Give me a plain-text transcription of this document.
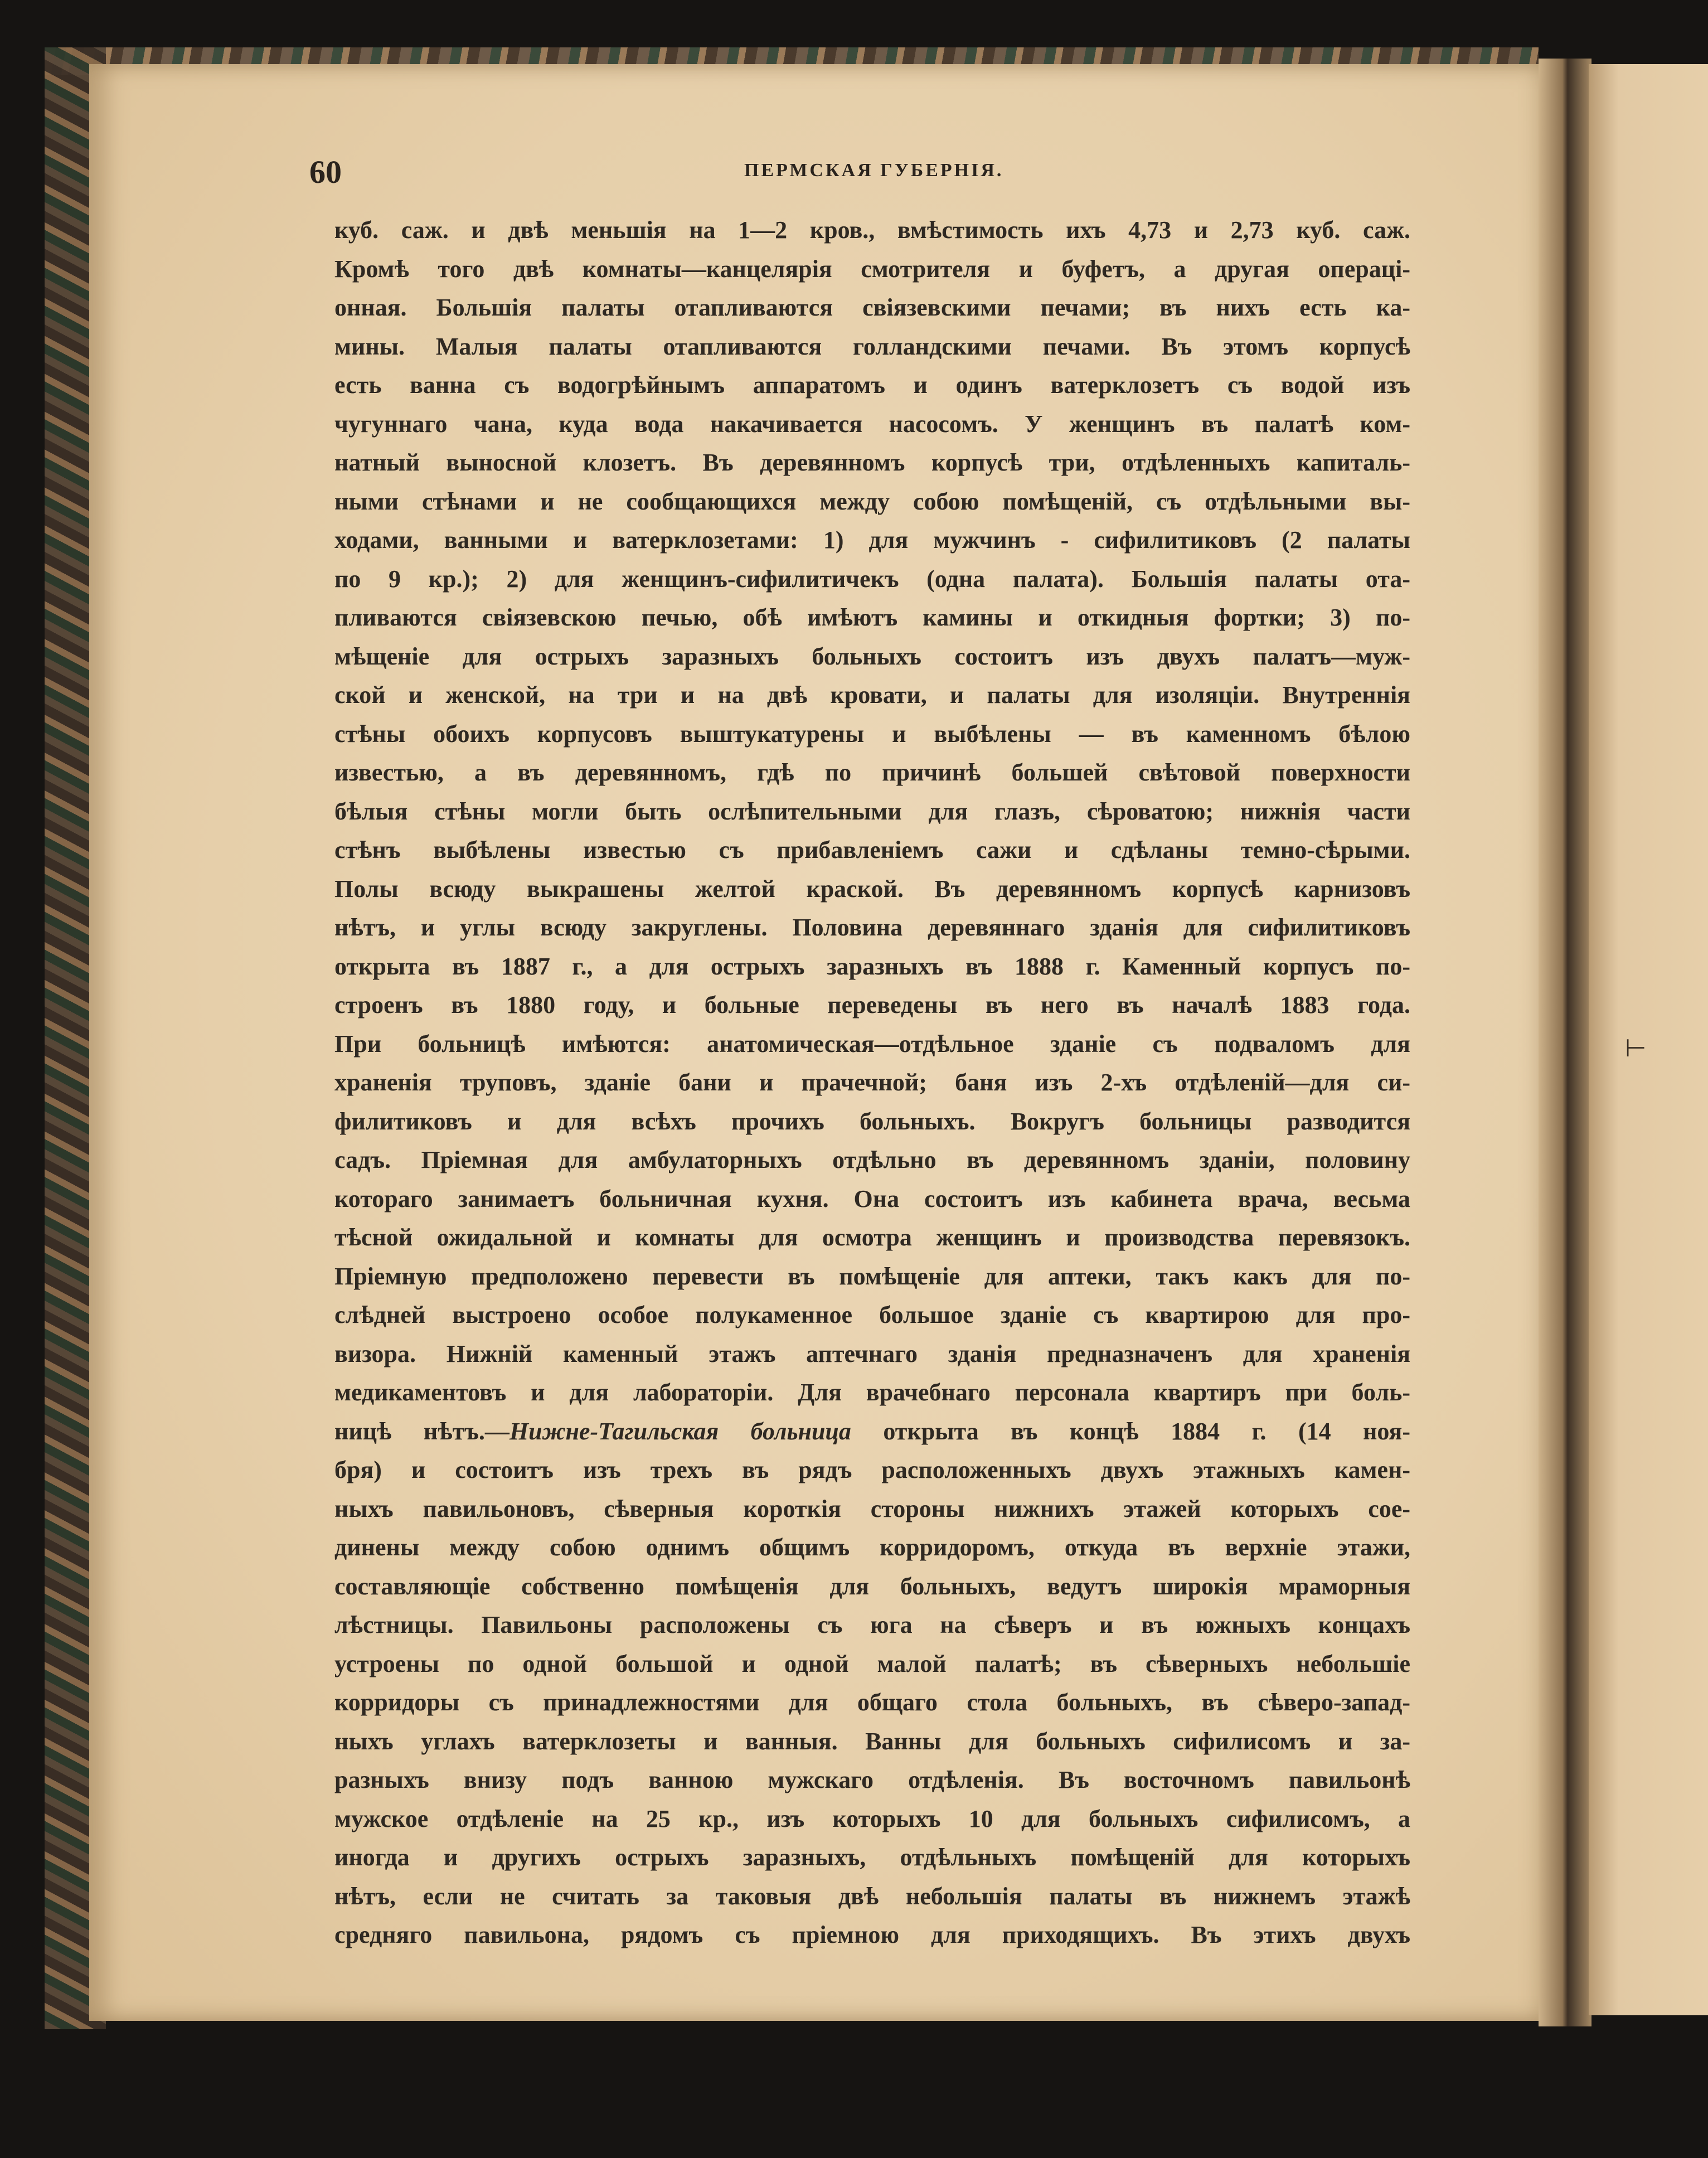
60	ПЕРМСКАЯ ГУБЕРНІЯ.
куб. саж. и двѣ меньшія на 1—2 кров., вмѣстимость ихъ 4,73 и 2,73 куб. саж.
Кромѣ того двѣ комнаты—канцелярія смотрителя и буфетъ, а другая операці-
онная. Большія палаты отапливаются свіязевскими печами; въ нихъ есть ка-
мины. Малыя палаты отапливаются голландскими печами. Въ этомъ корпусѣ
есть ванна съ водогрѣйнымъ аппаратомъ и одинъ ватерклозетъ съ водой изъ
чугуннаго чана, куда вода накачивается насосомъ. У женщинъ въ палатѣ ком-
натный выносной клозетъ. Въ деревянномъ корпусѣ три, отдѣленныхъ капиталь-
ными стѣнами и не сообщающихся между собою помѣщеній, съ отдѣльными вы-
ходами, ванными и ватерклозетами: 1) для мужчинъ - сифилитиковъ (2 палаты
по 9 кр.); 2) для женщинъ-сифилитичекъ (одна палата). Большія палаты ота-
пливаются свіязевскою печью, обѣ имѣютъ камины и откидныя фортки; 3) по-
мѣщеніе для острыхъ заразныхъ больныхъ состоитъ изъ двухъ палатъ—муж-
ской и женской, на три и на двѣ кровати, и палаты для изоляціи. Внутреннія
стѣны обоихъ корпусовъ выштукатурены и выбѣлены — въ каменномъ бѣлою
известью, а въ деревянномъ, гдѣ по причинѣ большей свѣтовой поверхности
бѣлыя стѣны могли быть ослѣпительными для глазъ, сѣроватою; нижнія части
стѣнъ выбѣлены известью съ прибавленіемъ сажи и сдѣланы темно-сѣрыми.
Полы всюду выкрашены желтой краской. Въ деревянномъ корпусѣ карнизовъ
нѣтъ, и углы всюду закруглены. Половина деревяннаго зданія для сифилитиковъ
открыта въ 1887 г., а для острыхъ заразныхъ въ 1888 г. Каменный корпусъ по-
строенъ въ 1880 году, и больные переведены въ него въ началѣ 1883 года.
При больницѣ имѣются: анатомическая—отдѣльное зданіе съ подваломъ для
храненія труповъ, зданіе бани и прачечной; баня изъ 2-хъ отдѣленій—для си-
филитиковъ и для всѣхъ прочихъ больныхъ. Вокругъ больницы разводится
садъ. Пріемная для амбулаторныхъ отдѣльно въ деревянномъ зданіи, половину
котораго занимаетъ больничная кухня. Она состоитъ изъ кабинета врача, весьма
тѣсной ожидальной и комнаты для осмотра женщинъ и производства перевязокъ.
Пріемную предположено перевести въ помѣщеніе для аптеки, такъ какъ для по-
слѣдней выстроено особое полукаменное большое зданіе съ квартирою для про-
визора. Нижній каменный этажъ аптечнаго зданія предназначенъ для храненія
медикаментовъ и для лабораторіи. Для врачебнаго персонала квартиръ при боль-
ницѣ нѣтъ.—Нижне-Тагильская больница открыта въ концѣ 1884 г. (14 ноя-
бря) и состоитъ изъ трехъ въ рядъ расположенныхъ двухъ этажныхъ камен-
ныхъ павильоновъ, сѣверныя короткія стороны нижнихъ этажей которыхъ сое-
динены между собою однимъ общимъ корридоромъ, откуда въ верхніе этажи,
составляющіе собственно помѣщенія для больныхъ, ведутъ широкія мраморныя
лѣстницы. Павильоны расположены съ юга на сѣверъ и въ южныхъ концахъ
устроены по одной большой и одной малой палатѣ; въ сѣверныхъ небольшіе
корридоры съ принадлежностями для общаго стола больныхъ, въ сѣверо-запад-
ныхъ углахъ ватерклозеты и ванныя. Ванны для больныхъ сифилисомъ и за-
разныхъ внизу подъ ванною мужскаго отдѣленія. Въ восточномъ павильонѣ
мужское отдѣленіе на 25 кр., изъ которыхъ 10 для больныхъ сифилисомъ, а
иногда и другихъ острыхъ заразныхъ, отдѣльныхъ помѣщеній для которыхъ
нѣтъ, если не считать за таковыя двѣ небольшія палаты въ нижнемъ этажѣ
средняго павильона, рядомъ съ пріемною для приходящихъ. Въ этихъ двухъ
⊢
